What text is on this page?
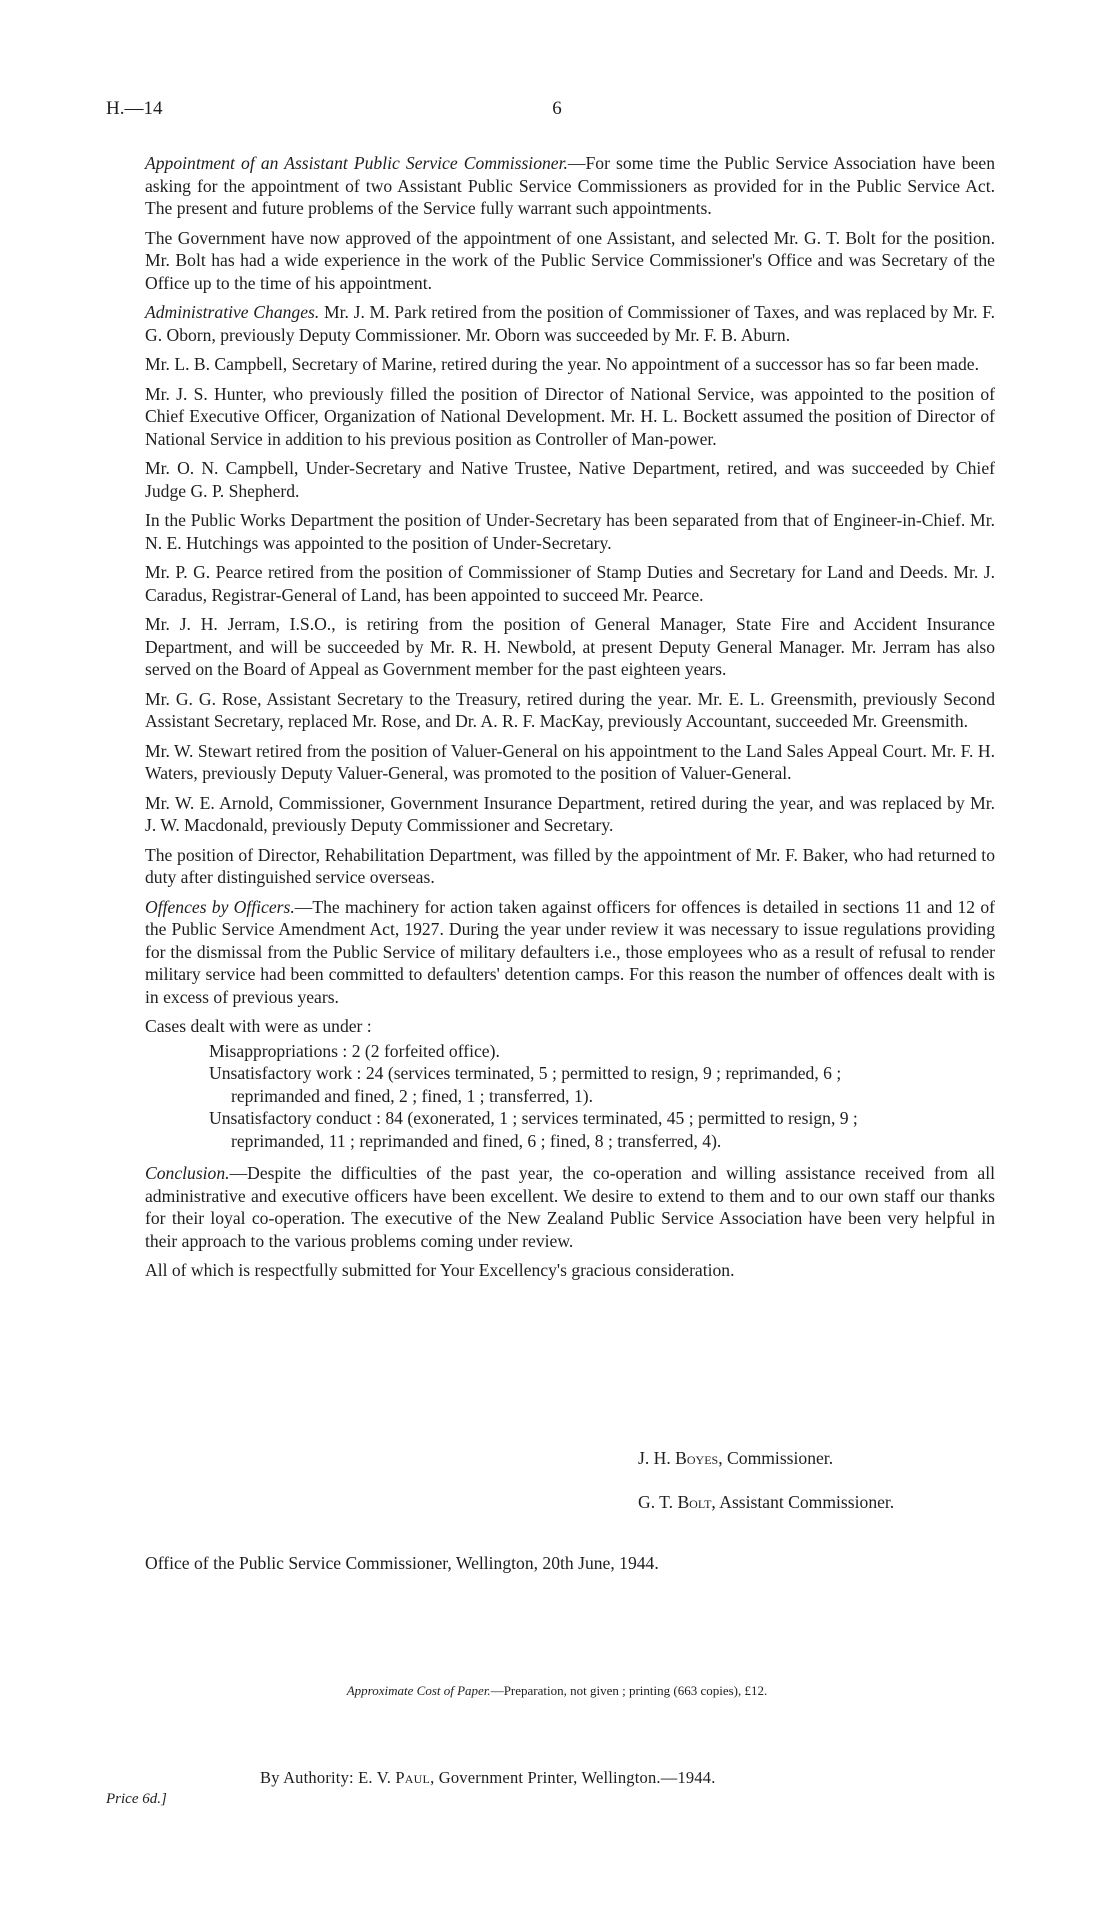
H.—14	6

Appointment of an Assistant Public Service Commissioner.—For some time the Public Service Association have been asking for the appointment of two Assistant Public Service Commissioners as provided for in the Public Service Act. The present and future problems of the Service fully warrant such appointments.

The Government have now approved of the appointment of one Assistant, and selected Mr. G. T. Bolt for the position. Mr. Bolt has had a wide experience in the work of the Public Service Commissioner's Office and was Secretary of the Office up to the time of his appointment.

Administrative Changes. Mr. J. M. Park retired from the position of Commissioner of Taxes, and was replaced by Mr. F. G. Oborn, previously Deputy Commissioner. Mr. Oborn was succeeded by Mr. F. B. Aburn.

Mr. L. B. Campbell, Secretary of Marine, retired during the year. No appointment of a successor has so far been made.

Mr. J. S. Hunter, who previously filled the position of Director of National Service, was appointed to the position of Chief Executive Officer, Organization of National Development. Mr. H. L. Bockett assumed the position of Director of National Service in addition to his previous position as Controller of Man-power.

Mr. O. N. Campbell, Under-Secretary and Native Trustee, Native Department, retired, and was succeeded by Chief Judge G. P. Shepherd.

In the Public Works Department the position of Under-Secretary has been separated from that of Engineer-in-Chief. Mr. N. E. Hutchings was appointed to the position of Under-Secretary.

Mr. P. G. Pearce retired from the position of Commissioner of Stamp Duties and Secretary for Land and Deeds. Mr. J. Caradus, Registrar-General of Land, has been appointed to succeed Mr. Pearce.

Mr. J. H. Jerram, I.S.O., is retiring from the position of General Manager, State Fire and Accident Insurance Department, and will be succeeded by Mr. R. H. Newbold, at present Deputy General Manager. Mr. Jerram has also served on the Board of Appeal as Government member for the past eighteen years.

Mr. G. G. Rose, Assistant Secretary to the Treasury, retired during the year. Mr. E. L. Greensmith, previously Second Assistant Secretary, replaced Mr. Rose, and Dr. A. R. F. MacKay, previously Accountant, succeeded Mr. Greensmith.

Mr. W. Stewart retired from the position of Valuer-General on his appointment to the Land Sales Appeal Court. Mr. F. H. Waters, previously Deputy Valuer-General, was promoted to the position of Valuer-General.

Mr. W. E. Arnold, Commissioner, Government Insurance Department, retired during the year, and was replaced by Mr. J. W. Macdonald, previously Deputy Commissioner and Secretary.

The position of Director, Rehabilitation Department, was filled by the appointment of Mr. F. Baker, who had returned to duty after distinguished service overseas.

Offences by Officers.—The machinery for action taken against officers for offences is detailed in sections 11 and 12 of the Public Service Amendment Act, 1927. During the year under review it was necessary to issue regulations providing for the dismissal from the Public Service of military defaulters i.e., those employees who as a result of refusal to render military service had been committed to defaulters' detention camps. For this reason the number of offences dealt with is in excess of previous years.

Cases dealt with were as under :

Misappropriations : 2 (2 forfeited office).
Unsatisfactory work : 24 (services terminated, 5 ; permitted to resign, 9 ; reprimanded, 6 ;
reprimanded and fined, 2 ; fined, 1 ; transferred, 1).
Unsatisfactory conduct : 84 (exonerated, 1 ; services terminated, 45 ; permitted to resign, 9 ;
reprimanded, 11 ; reprimanded and fined, 6 ; fined, 8 ; transferred, 4).

Conclusion.—Despite the difficulties of the past year, the co-operation and willing assistance received from all administrative and executive officers have been excellent. We desire to extend to them and to our own staff our thanks for their loyal co-operation. The executive of the New Zealand Public Service Association have been very helpful in their approach to the various problems coming under review.

All of which is respectfully submitted for Your Excellency's gracious consideration.

J. H. Boyes, Commissioner.
G. T. Bolt, Assistant Commissioner.
Office of the Public Service Commissioner, Wellington, 20th June, 1944.
Approximate Cost of Paper.—Preparation, not given ; printing (663 copies), £12.
By Authority: E. V. Paul, Government Printer, Wellington.—1944.
Price 6d.]
